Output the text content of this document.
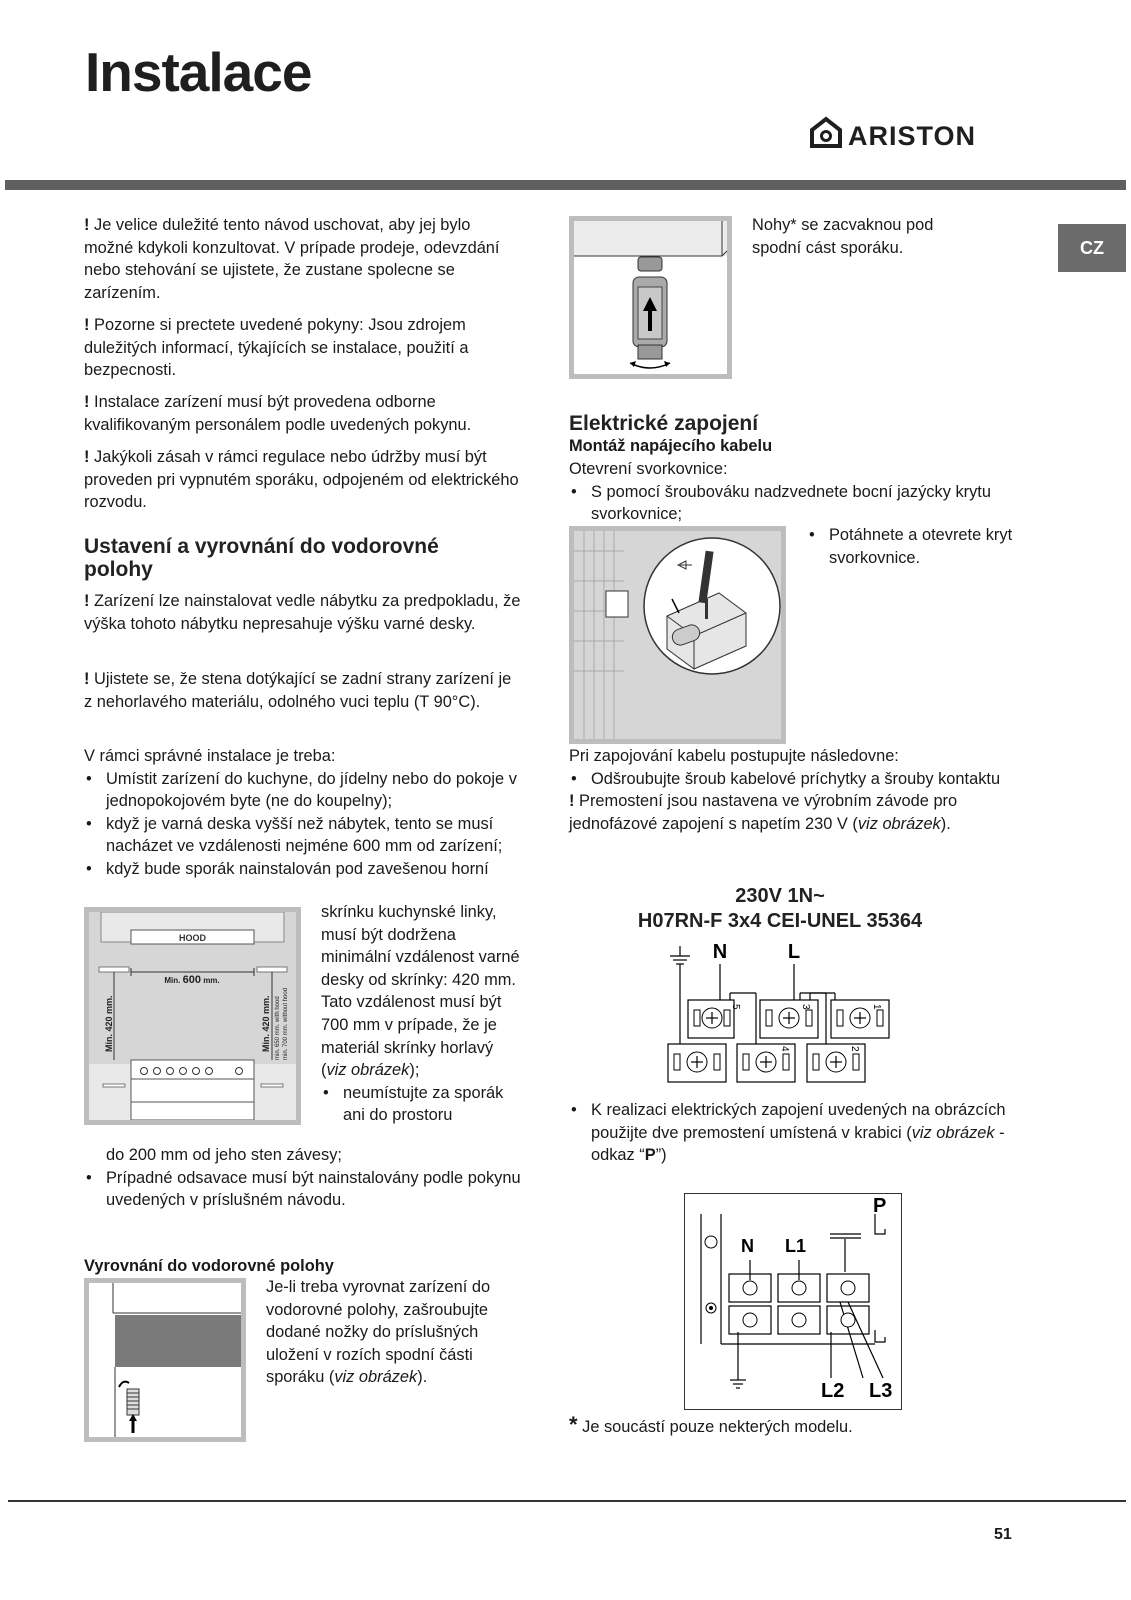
Instalace
ARISTON
CZ
! Je velice duležité tento návod uschovat, aby jej bylo možné kdykoli konzultovat. V prípade prodeje, odevzdání nebo stehování se ujistete, že zustane spolecne se zarízením.
! Pozorne si prectete uvedené pokyny: Jsou zdrojem duležitých informací, týkajících se instalace, použití a bezpecnosti.
! Instalace zarízení musí být provedena odborne kvalifikovaným personálem podle uvedených pokynu.
! Jakýkoli zásah v rámci regulace nebo údržby musí být proveden pri vypnutém sporáku, odpojeném od elektrického rozvodu.
Ustavení a vyrovnání do vodorovné polohy
! Zarízení lze nainstalovat vedle nábytku za predpokladu, že výška tohoto nábytku nepresahuje výšku varné desky.
! Ujistete se, že stena dotýkající se zadní strany zarízení je z nehorlavého materiálu, odolného vuci teplu (T 90°C).
V rámci správné instalace je treba:
• Umístit zarízení do kuchyne, do jídelny nebo do pokoje v jednopokojovém byte (ne do koupelny);
• když je varná deska vyšší než nábytek, tento se musí nacházet ve vzdálenosti nejméne 600 mm od zarízení;
• když bude sporák nainstalován pod zavešenou horní
HOOD
Min. 600 mm.
Min. 420 mm.	Min. 420 mm. min. 650 mm. with hood min. 700 mm. without hood
skrínku kuchynské linky, musí být dodržena minimální vzdálenost varné desky od skrínky: 420 mm.
Tato vzdálenost musí být 700 mm v prípade, že je materiál skrínky horlavý (viz obrázek);
• neumístujte za sporák ani do prostoru
do 200 mm od jeho sten závesy;
• Prípadné odsavace musí být nainstalovány podle pokynu uvedených v príslušném návodu.
Vyrovnání do vodorovné polohy
Je-li treba vyrovnat zarízení do vodorovné polohy, zašroubujte dodané nožky do príslušných uložení v rozích spodní části sporáku (viz obrázek).
Nohy* se zacvaknou pod spodní cást sporáku.
Elektrické zapojení
Montáž napájecího kabelu
Otevrení svorkovnice:
• S pomocí šroubováku nadzvednete bocní jazýcky krytu svorkovnice;
• Potáhnete a otevrete kryt svorkovnice.
Pri zapojování kabelu postupujte následovne:
• Odšroubujte šroub kabelové príchytky a šrouby kontaktu
! Premostení jsou nastavena ve výrobním závode pro jednofázové zapojení s napetím 230 V (viz obrázek).
230V 1N~
H07RN-F 3x4 CEI-UNEL 35364
N	L
5	3	1
4	2
• K realizaci elektrických zapojení uvedených na obrázcích použijte dve premostení umístená v krabici (viz obrázek - odkaz “P”)
P
N L1
L2 L3
* Je soucástí pouze nekterých modelu.
51
